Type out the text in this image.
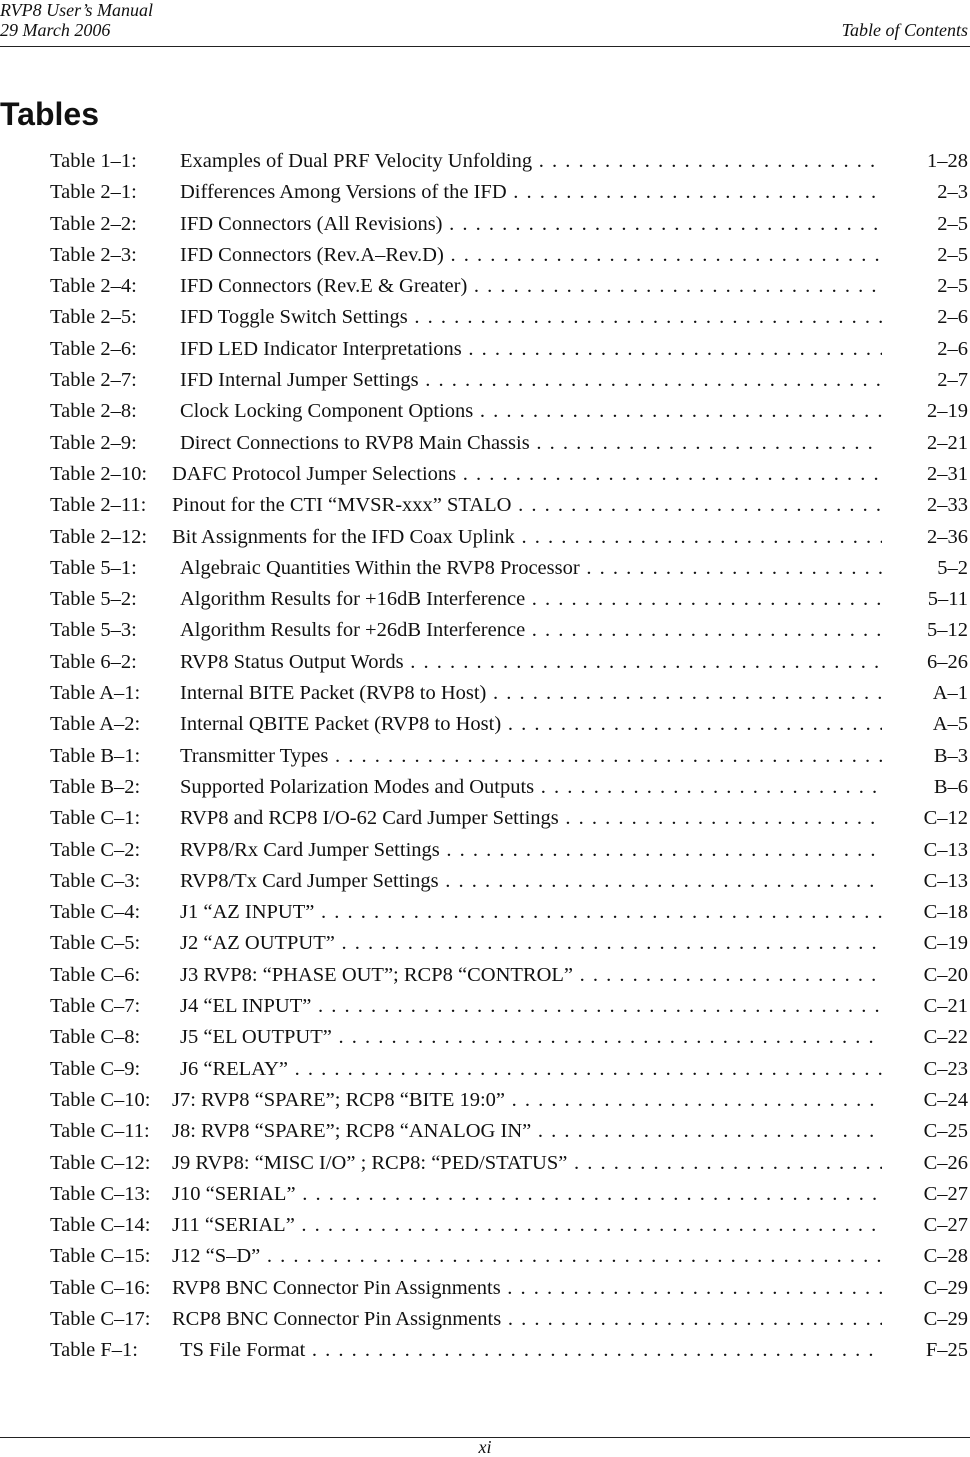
RVP8 User’s Manual
29 March 2006	Table of Contents
Tables
Table 1–1: Examples of Dual PRF Velocity Unfolding . . .	1–28
Table 2–1: Differences Among Versions of the IFD . . .	2–3
Table 2–2: IFD Connectors (All Revisions) . . .	2–5
Table 2–3: IFD Connectors (Rev.A–Rev.D) . . .	2–5
Table 2–4: IFD Connectors (Rev.E & Greater) . . .	2–5
Table 2–5: IFD Toggle Switch Settings . . .	2–6
Table 2–6: IFD LED Indicator Interpretations . . .	2–6
Table 2–7: IFD Internal Jumper Settings . . .	2–7
Table 2–8: Clock Locking Component Options . . .	2–19
Table 2–9: Direct Connections to RVP8 Main Chassis . . .	2–21
Table 2–10: DAFC Protocol Jumper Selections . . .	2–31
Table 2–11: Pinout for the CTI “MVSR-xxx” STALO . . .	2–33
Table 2–12: Bit Assignments for the IFD Coax Uplink . . .	2–36
Table 5–1: Algebraic Quantities Within the RVP8 Processor . . .	5–2
Table 5–2: Algorithm Results for +16dB Interference . . .	5–11
Table 5–3: Algorithm Results for +26dB Interference . . .	5–12
Table 6–2: RVP8 Status Output Words . . .	6–26
Table A–1: Internal BITE Packet (RVP8 to Host) . . .	A–1
Table A–2: Internal QBITE Packet (RVP8 to Host) . . .	A–5
Table B–1: Transmitter Types . . .	B–3
Table B–2: Supported Polarization Modes and Outputs . . .	B–6
Table C–1: RVP8 and RCP8 I/O-62 Card Jumper Settings . . .	C–12
Table C–2: RVP8/Rx Card Jumper Settings . . .	C–13
Table C–3: RVP8/Tx Card Jumper Settings . . .	C–13
Table C–4: J1 “AZ INPUT” . . .	C–18
Table C–5: J2 “AZ OUTPUT” . . .	C–19
Table C–6: J3 RVP8: “PHASE OUT”; RCP8 “CONTROL” . . .	C–20
Table C–7: J4 “EL INPUT” . . .	C–21
Table C–8: J5 “EL OUTPUT” . . .	C–22
Table C–9: J6 “RELAY” . . .	C–23
Table C–10: J7: RVP8 “SPARE”; RCP8 “BITE 19:0” . . .	C–24
Table C–11: J8: RVP8 “SPARE”; RCP8 “ANALOG IN” . . .	C–25
Table C–12: J9 RVP8: “MISC I/O” ; RCP8: “PED/STATUS” . . .	C–26
Table C–13: J10 “SERIAL” . . .	C–27
Table C–14: J11 “SERIAL” . . .	C–27
Table C–15: J12 “S–D” . . .	C–28
Table C–16: RVP8 BNC Connector Pin Assignments . . .	C–29
Table C–17: RCP8 BNC Connector Pin Assignments . . .	C–29
Table F–1: TS File Format . . .	F–25
xi
